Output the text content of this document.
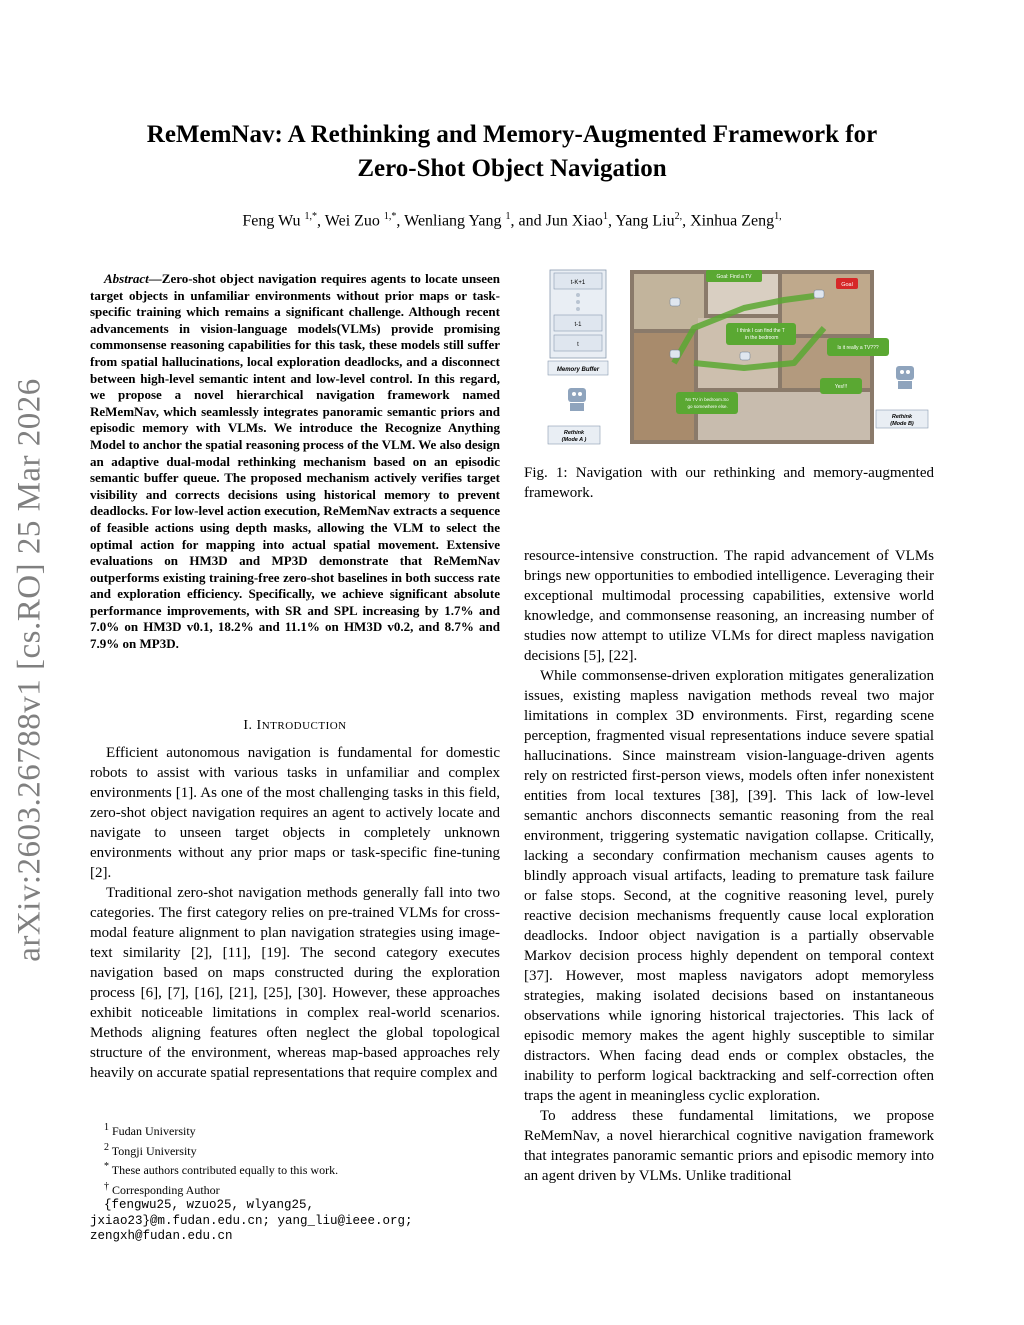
arXiv:2603.26788v1 [cs.RO] 25 Mar 2026
ReMemNav: A Rethinking and Memory-Augmented Framework for
Zero-Shot Object Navigation
Feng Wu $^{1,*}$, Wei Zuo $^{1,*}$, Wenliang Yang $^1$, and Jun Xiao$^1$, Yang Liu$^{2,}$, Xinhua Zeng$^{1,}$
Abstract—Zero-shot object navigation requires agents to locate unseen target objects in unfamiliar environments without prior maps or task-specific training which remains a significant challenge. Although recent advancements in vision-language models(VLMs) provide promising commonsense reasoning capabilities for this task, these models still suffer from spatial hallucinations, local exploration deadlocks, and a disconnect between high-level semantic intent and low-level control. In this regard, we propose a novel hierarchical navigation framework named ReMemNav, which seamlessly integrates panoramic semantic priors and episodic memory with VLMs. We introduce the Recognize Anything Model to anchor the spatial reasoning process of the VLM. We also design an adaptive dual-modal rethinking mechanism based on an episodic semantic buffer queue. The proposed mechanism actively verifies target visibility and corrects decisions using historical memory to prevent deadlocks. For low-level action execution, ReMemNav extracts a sequence of feasible actions using depth masks, allowing the VLM to select the optimal action for mapping into actual spatial movement. Extensive evaluations on HM3D and MP3D demonstrate that ReMemNav outperforms existing training-free zero-shot baselines in both success rate and exploration efficiency. Specifically, we achieve significant absolute performance improvements, with SR and SPL increasing by 1.7% and 7.0% on HM3D v0.1, 18.2% and 11.1% on HM3D v0.2, and 8.7% and 7.9% on MP3D.
I. INTRODUCTION

Efficient autonomous navigation is fundamental for domestic robots to assist with various tasks in unfamiliar and complex environments [1]. As one of the most challenging tasks in this field, zero-shot object navigation requires an agent to actively locate and navigate to unseen target objects in completely unknown environments without any prior maps or task-specific fine-tuning [2].

Traditional zero-shot navigation methods generally fall into two categories. The first category relies on pre-trained VLMs for cross-modal feature alignment to plan navigation strategies using image-text similarity [2], [11], [19]. The second category executes navigation based on maps constructed during the exploration process [6], [7], [16], [21], [25], [30]. However, these approaches exhibit noticeable limitations in complex real-world scenarios. Methods aligning features often neglect the global topological structure of the environment, whereas map-based approaches rely heavily on accurate spatial representations that require complex and

$^1$ Fudan University
$^2$ Tongji University
* These authors contributed equally to this work.
† Corresponding Author
{fengwu25, wzuo25, wlyang25,
jxiao23}@m.fudan.edu.cn; yang_liu@ieee.org;
zengxh@fudan.edu.cn
t-K+1
t-1
t
Memory Buffer
Rethink (Mode A )
Goal: Find a TV
Goal
I think I can find the T in the bedroom
Is it really a TV???
Yes!!!
No TV in bedroom.So go somewhere else.
Rethink (Mode B)
Fig. 1: Navigation with our rethinking and memory-augmented framework.

resource-intensive construction. The rapid advancement of VLMs brings new opportunities to embodied intelligence. Leveraging their exceptional multimodal processing capabilities, extensive world knowledge, and commonsense reasoning, an increasing number of studies now attempt to utilize VLMs for direct mapless navigation decisions [5], [22].

While commonsense-driven exploration mitigates generalization issues, existing mapless navigation methods reveal two major limitations in complex 3D environments. First, regarding scene perception, fragmented visual representations induce severe spatial hallucinations. Since mainstream vision-language-driven agents rely on restricted first-person views, models often infer nonexistent entities from local textures [38], [39]. This lack of low-level semantic anchors disconnects semantic reasoning from the real environment, triggering systematic navigation collapse. Critically, lacking a secondary confirmation mechanism causes agents to blindly approach visual artifacts, leading to premature task failure or false stops. Second, at the cognitive reasoning level, purely reactive decision mechanisms frequently cause local exploration deadlocks. Indoor object navigation is a partially observable Markov decision process highly dependent on temporal context [37]. However, most mapless navigators adopt memoryless strategies, making isolated decisions based on instantaneous observations while ignoring historical trajectories. This lack of episodic memory makes the agent highly susceptible to similar distractors. When facing dead ends or complex obstacles, the inability to perform logical backtracking and self-correction often traps the agent in meaningless cyclic exploration.

To address these fundamental limitations, we propose ReMemNav, a novel hierarchical cognitive navigation framework that integrates panoramic semantic priors and episodic memory into an agent driven by VLMs. Unlike traditional
